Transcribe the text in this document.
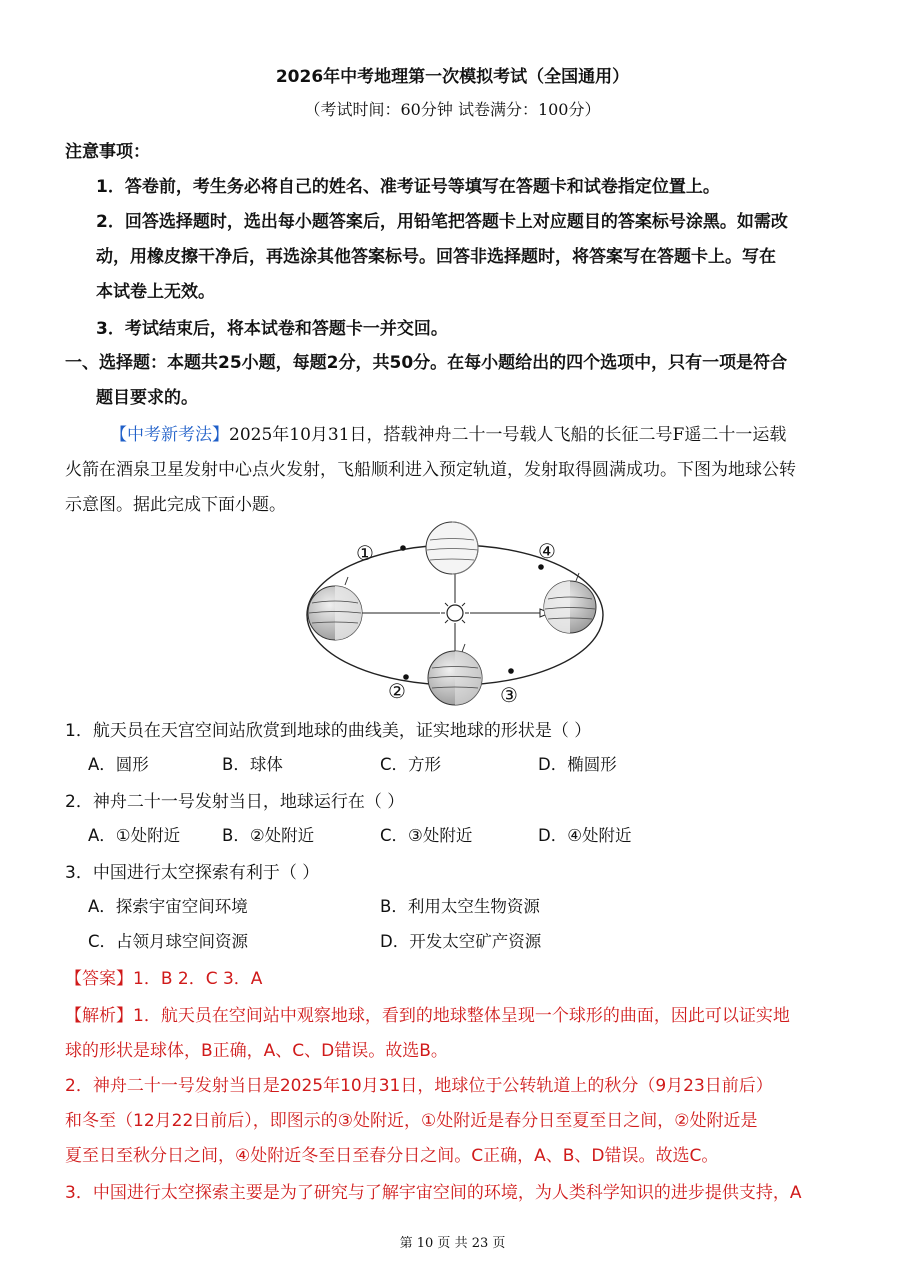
2026年中考地理第一次模拟考试（全国通用）
（考试时间：60分钟 试卷满分：100分）
注意事项：
1．答卷前，考生务必将自己的姓名、准考证号等填写在答题卡和试卷指定位置上。
2．回答选择题时，选出每小题答案后，用铅笔把答题卡上对应题目的答案标号涂黑。如需改
动，用橡皮擦干净后，再选涂其他答案标号。回答非选择题时，将答案写在答题卡上。写在
本试卷上无效。
3．考试结束后，将本试卷和答题卡一并交回。
一、选择题：本题共25小题，每题2分，共50分。在每小题给出的四个选项中，只有一项是符合
题目要求的。
【中考新考法】2025年10月31日，搭载神舟二十一号载人飞船的长征二号F遥二十一运载
火箭在酒泉卫星发射中心点火发射，飞船顺利进入预定轨道，发射取得圆满成功。下图为地球公转
示意图。据此完成下面小题。
①
②	③
④
1．航天员在天宫空间站欣赏到地球的曲线美，证实地球的形状是（ ）
A．圆形	B．球体	C．方形	D．椭圆形
2．神舟二十一号发射当日，地球运行在（ ）
A．①处附近	B．②处附近	C．③处附近	D．④处附近
3．中国进行太空探索有利于（ ）
A．探索宇宙空间环境	B．利用太空生物资源
C．占领月球空间资源	D．开发太空矿产资源
【答案】1．B 2．C 3．A
【解析】1．航天员在空间站中观察地球，看到的地球整体呈现一个球形的曲面，因此可以证实地
球的形状是球体，B正确，A、C、D错误。故选B。
2．神舟二十一号发射当日是2025年10月31日，地球位于公转轨道上的秋分（9月23日前后）
和冬至（12月22日前后），即图示的③处附近，①处附近是春分日至夏至日之间，②处附近是
夏至日至秋分日之间，④处附近冬至日至春分日之间。C正确，A、B、D错误。故选C。
3．中国进行太空探索主要是为了研究与了解宇宙空间的环境，为人类科学知识的进步提供支持，A
第 10 页 共 23 页
